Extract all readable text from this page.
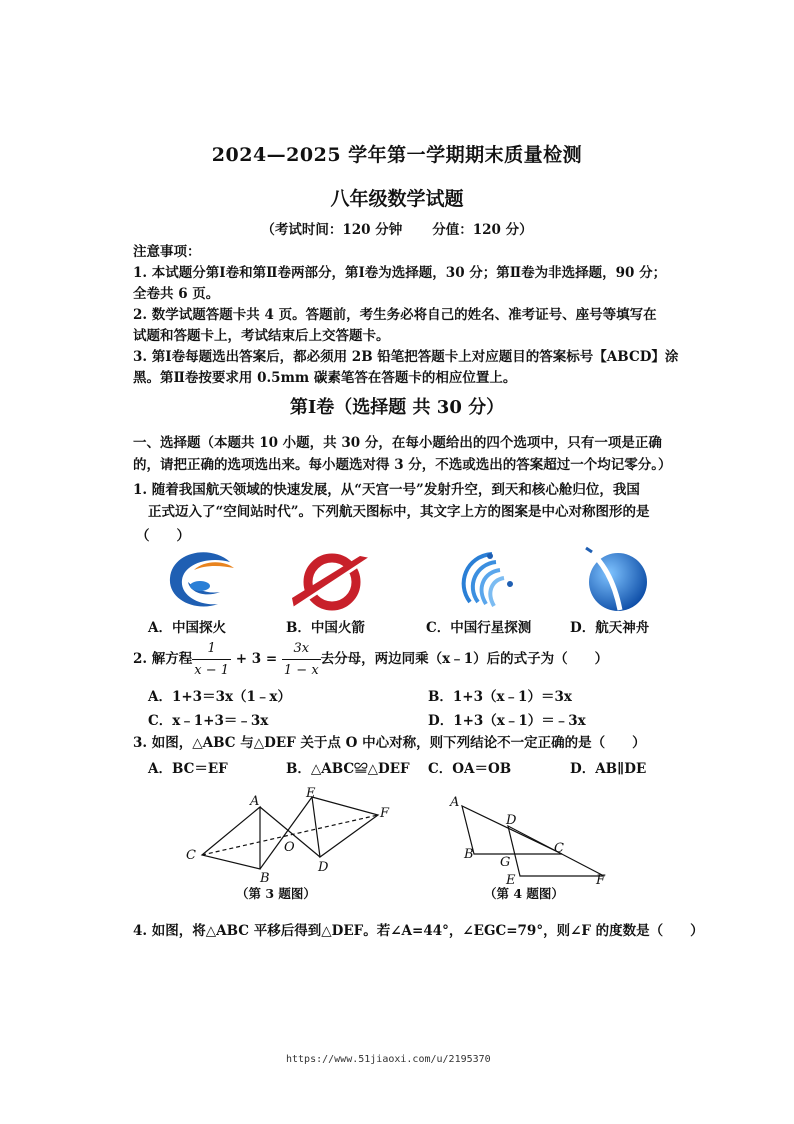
2024—2025 学年第一学期期末质量检测
八年级数学试题
（考试时间：120 分钟 分值：120 分）
注意事项：
1. 本试题分第Ⅰ卷和第Ⅱ卷两部分，第Ⅰ卷为选择题，30 分；第Ⅱ卷为非选择题，90 分；
全卷共 6 页。
2. 数学试题答题卡共 4 页。答题前，考生务必将自己的姓名、准考证号、座号等填写在
试题和答题卡上，考试结束后上交答题卡。
3. 第Ⅰ卷每题选出答案后，都必须用 2B 铅笔把答题卡上对应题目的答案标号【ABCD】涂
黑。第Ⅱ卷按要求用 0.5mm 碳素笔答在答题卡的相应位置上。
第Ⅰ卷（选择题 共 30 分）
一、选择题（本题共 10 小题，共 30 分，在每小题给出的四个选项中，只有一项是正确
的，请把正确的选项选出来。每小题选对得 3 分，不选或选出的答案超过一个均记零分。）
1. 随着我国航天领域的快速发展，从“天宫一号”发射升空，到天和核心舱归位，我国
正式迈入了“空间站时代”。下列航天图标中，其文字上方的图案是中心对称图形的是
（　　）
A．中国探火	B．中国火箭	C．中国行星探测	D．航天神舟
2. 解方程 $\frac{1}{x - 1} + 3 = \frac{3x}{1 - x}$ 去分母，两边同乘（x﹣1）后的式子为（　　）
A．1+3＝3x（1﹣x）	B．1+3（x﹣1）＝3x
C．x﹣1+3＝﹣3x	D．1+3（x﹣1）＝﹣3x
3. 如图，△ABC 与△DEF 关于点 O 中心对称，则下列结论不一定正确的是（　　）
A．BC＝EF	B．△ABC≌△DEF C．OA＝OB	D．AB∥DE
A
B
C
D
E
F
O
（第 3 题图）
A
B	C
D
E	F
G
（第 4 题图）
4. 如图，将△ABC 平移后得到△DEF。若∠A=44°，∠EGC=79°，则∠F 的度数是（　　）
https://www.51jiaoxi.com/u/2195370
